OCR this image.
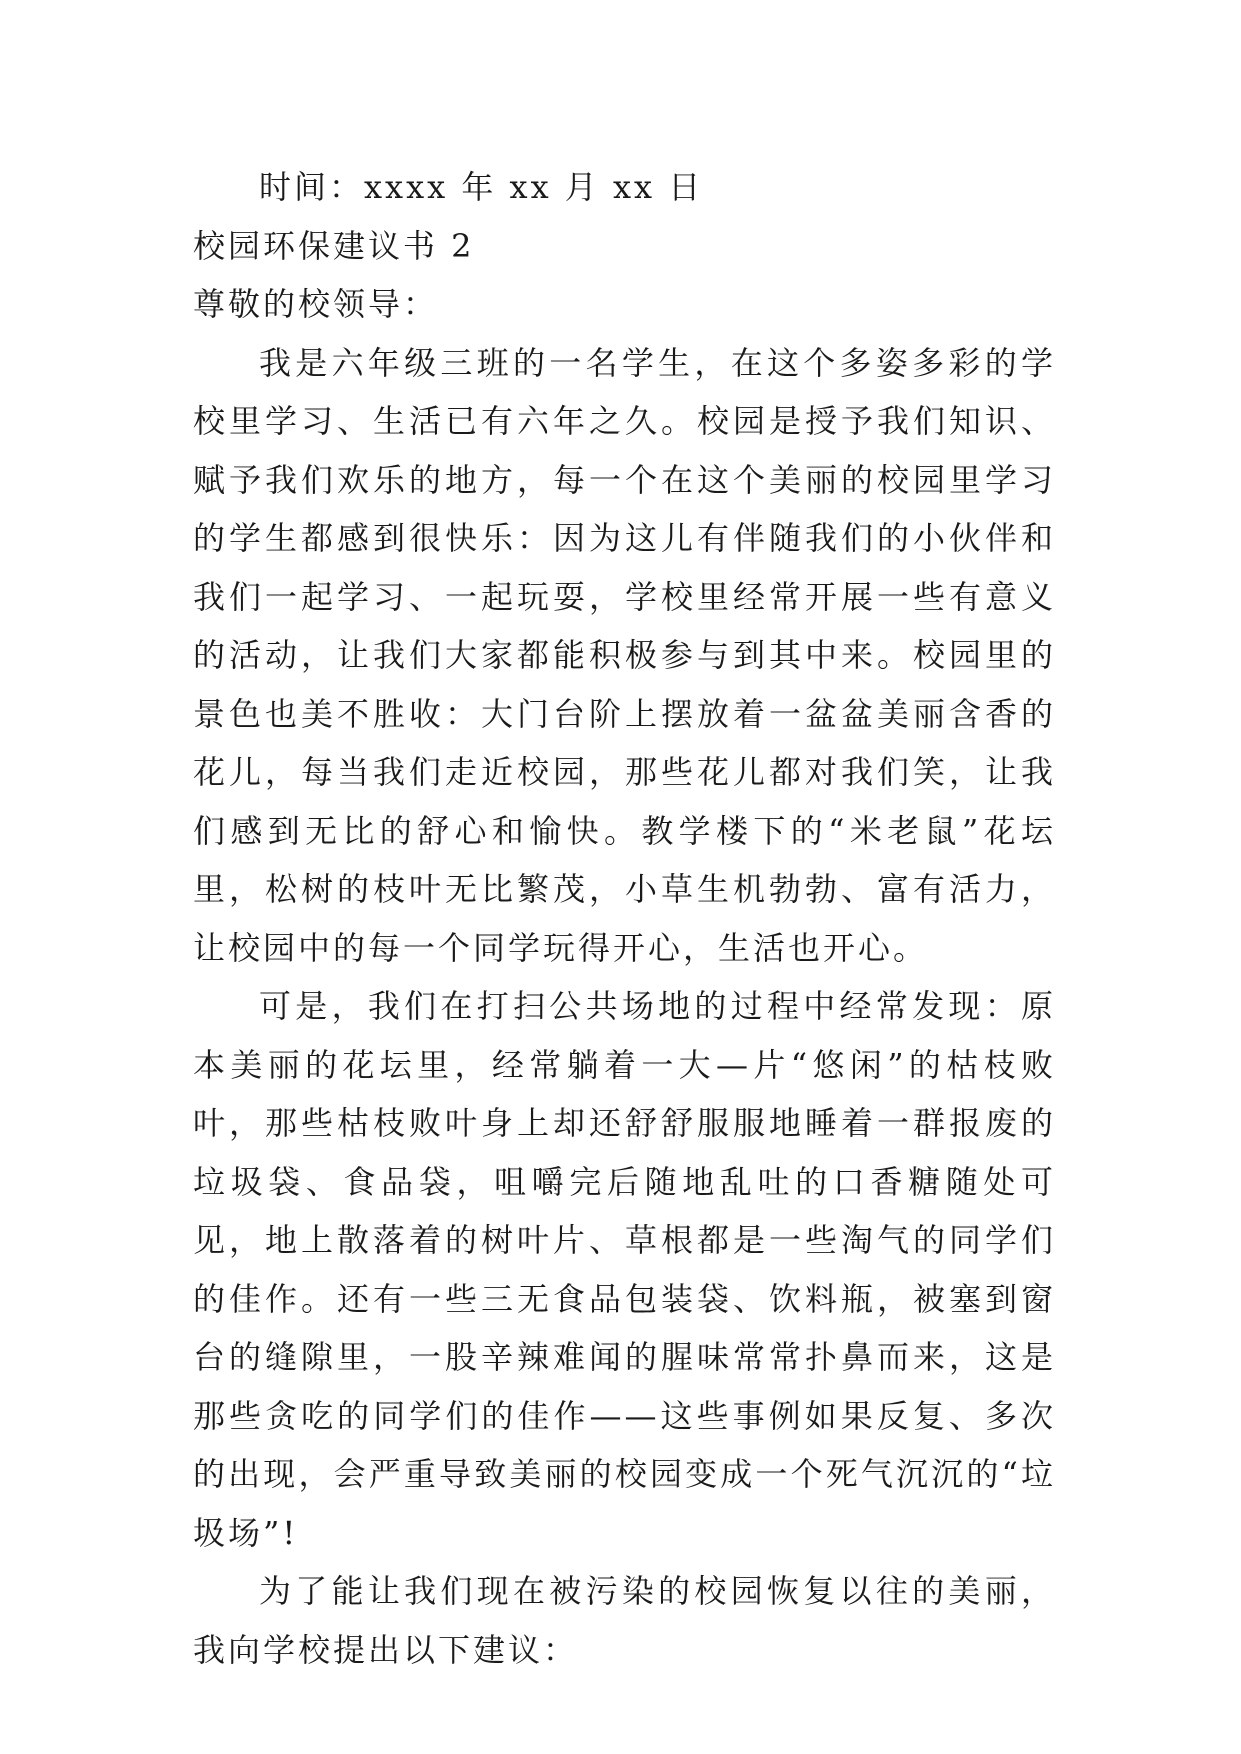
时间：xxxx 年 xx 月 xx 日

校园环保建议书 2

尊敬的校领导：

我是六年级三班的一名学生，在这个多姿多彩的学校里学习、生活已有六年之久。校园是授予我们知识、赋予我们欢乐的地方，每一个在这个美丽的校园里学习的学生都感到很快乐：因为这儿有伴随我们的小伙伴和我们一起学习、一起玩耍，学校里经常开展一些有意义的活动，让我们大家都能积极参与到其中来。校园里的景色也美不胜收：大门台阶上摆放着一盆盆美丽含香的花儿，每当我们走近校园，那些花儿都对我们笑，让我们感到无比的舒心和愉快。教学楼下的“米老鼠”花坛里，松树的枝叶无比繁茂，小草生机勃勃、富有活力，让校园中的每一个同学玩得开心，生活也开心。

可是，我们在打扫公共场地的过程中经常发现：原本美丽的花坛里，经常躺着一大—片“悠闲”的枯枝败叶，那些枯枝败叶身上却还舒舒服服地睡着一群报废的垃圾袋、食品袋，咀嚼完后随地乱吐的口香糖随处可见，地上散落着的树叶片、草根都是一些淘气的同学们的佳作。还有一些三无食品包装袋、饮料瓶，被塞到窗台的缝隙里，一股辛辣难闻的腥味常常扑鼻而来，这是那些贪吃的同学们的佳作——这些事例如果反复、多次的出现，会严重导致美丽的校园变成一个死气沉沉的“垃圾场”!

为了能让我们现在被污染的校园恢复以往的美丽，我向学校提出以下建议：
